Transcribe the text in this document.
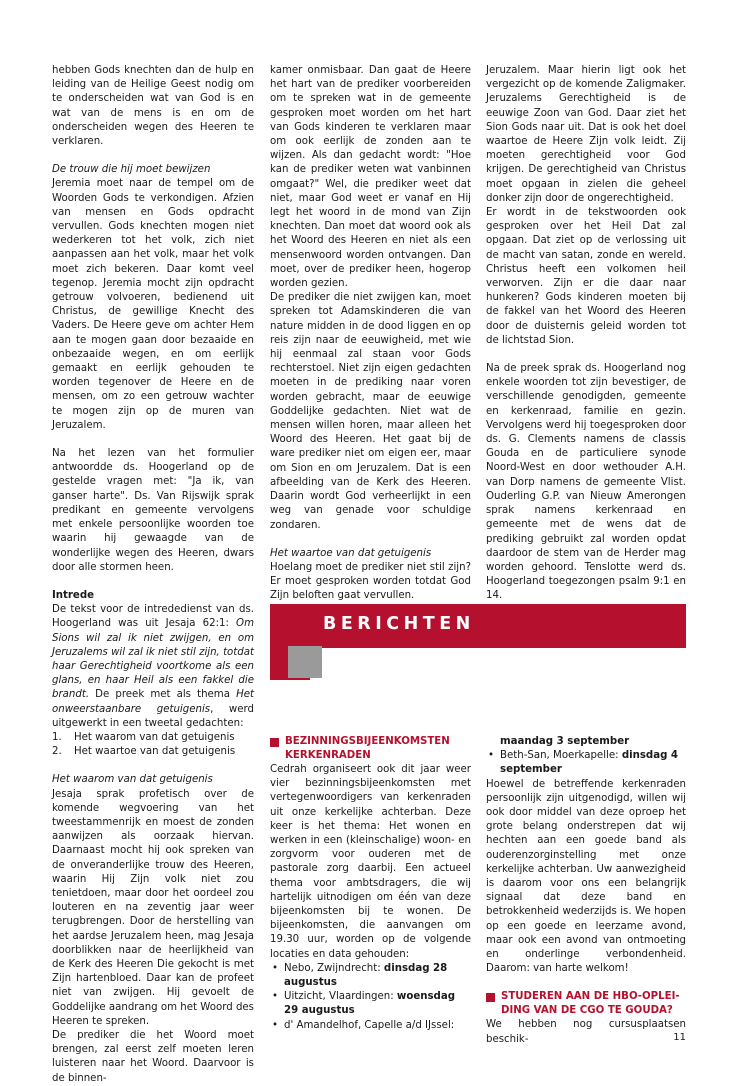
hebben Gods knechten dan de hulp en leiding van de Heilige Geest nodig om te onderscheiden wat van God is en wat van de mens is en om de onderscheiden wegen des Heeren te verklaren.

De trouw die hij moet bewijzen

Jeremia moet naar de tempel om de Woorden Gods te verkondigen. Afzien van mensen en Gods opdracht vervullen. Gods knechten mogen niet wederkeren tot het volk, zich niet aanpassen aan het volk, maar het volk moet zich bekeren. Daar komt veel tegenop. Jeremia mocht zijn opdracht getrouw volvoeren, bedienend uit Christus, de gewillige Knecht des Vaders. De Heere geve om achter Hem aan te mogen gaan door bezaaide en onbezaaide wegen, en om eerlijk gemaakt en eerlijk gehouden te worden tegenover de Heere en de mensen, om zo een getrouw wachter te mogen zijn op de muren van Jeruzalem.

Na het lezen van het formulier antwoordde ds. Hoogerland op de gestelde vragen met: "Ja ik, van ganser harte". Ds. Van Rijswijk sprak predikant en gemeente vervolgens met enkele persoonlijke woorden toe waarin hij gewaagde van de wonderlijke wegen des Heeren, dwars door alle stormen heen.

Intrede

De tekst voor de intrededienst van ds. Hoogerland was uit Jesaja 62:1: Om Sions wil zal ik niet zwijgen, en om Jeruzalems wil zal ik niet stil zijn, totdat haar Gerechtigheid voortkome als een glans, en haar Heil als een fakkel die brandt. De preek met als thema Het onweerstaanbare getuigenis, werd uitgewerkt in een tweetal gedachten:

1. Het waarom van dat getuigenis
2. Het waartoe van dat getuigenis

Het waarom van dat getuigenis

Jesaja sprak profetisch over de komende wegvoering van het tweestammenrijk en moest de zonden aanwijzen als oorzaak hiervan. Daarnaast mocht hij ook spreken van de onveranderlijke trouw des Heeren, waarin Hij Zijn volk niet zou tenietdoen, maar door het oordeel zou louteren en na zeventig jaar weer terugbrengen. Door de herstelling van het aardse Jeruzalem heen, mag Jesaja doorblikken naar de heerlijkheid van de Kerk des Heeren Die gekocht is met Zijn hartenbloed. Daar kan de profeet niet van zwijgen. Hij gevoelt de Goddelijke aandrang om het Woord des Heeren te spreken.

De prediker die het Woord moet brengen, zal eerst zelf moeten leren luisteren naar het Woord. Daarvoor is de binnen-

kamer onmisbaar. Dan gaat de Heere het hart van de prediker voorbereiden om te spreken wat in de gemeente gesproken moet worden om het hart van Gods kinderen te verklaren maar om ook eerlijk de zonden aan te wijzen. Als dan gedacht wordt: "Hoe kan de prediker weten wat vanbinnen omgaat?" Wel, die prediker weet dat niet, maar God weet er vanaf en Hij legt het woord in de mond van Zijn knechten. Dan moet dat woord ook als het Woord des Heeren en niet als een mensenwoord worden ontvangen. Dan moet, over de prediker heen, hogerop worden gezien.

De prediker die niet zwijgen kan, moet spreken tot Adamskinderen die van nature midden in de dood liggen en op reis zijn naar de eeuwigheid, met wie hij eenmaal zal staan voor Gods rechterstoel. Niet zijn eigen gedachten moeten in de prediking naar voren worden gebracht, maar de eeuwige Goddelijke gedachten. Niet wat de mensen willen horen, maar alleen het Woord des Heeren. Het gaat bij de ware prediker niet om eigen eer, maar om Sion en om Jeruzalem. Dat is een afbeelding van de Kerk des Heeren. Daarin wordt God verheerlijkt in een weg van genade voor schuldige zondaren.

Het waartoe van dat getuigenis

Hoelang moet de prediker niet stil zijn? Er moet gesproken worden totdat God Zijn beloften gaat vervullen.

Jeruzalem. Maar hierin ligt ook het vergezicht op de komende Zaligmaker. Jeruzalems Gerechtigheid is de eeuwige Zoon van God. Daar ziet het Sion Gods naar uit. Dat is ook het doel waartoe de Heere Zijn volk leidt. Zij moeten gerechtigheid voor God krijgen. De gerechtigheid van Christus moet opgaan in zielen die geheel donker zijn door de ongerechtigheid.

Er wordt in de tekstwoorden ook gesproken over het Heil Dat zal opgaan. Dat ziet op de verlossing uit de macht van satan, zonde en wereld. Christus heeft een volkomen heil verworven. Zijn er die daar naar hunkeren? Gods kinderen moeten bij de fakkel van het Woord des Heeren door de duisternis geleid worden tot de lichtstad Sion.

Na de preek sprak ds. Hoogerland nog enkele woorden tot zijn bevestiger, de verschillende genodigden, gemeente en kerkenraad, familie en gezin. Vervolgens werd hij toegesproken door ds. G. Clements namens de classis Gouda en de particuliere synode Noord-West en door wethouder A.H. van Dorp namens de gemeente Vlist. Ouderling G.P. van Nieuw Amerongen sprak namens kerkenraad en gemeente met de wens dat de prediking gebruikt zal worden opdat daardoor de stem van de Herder mag worden gehoord. Tenslotte werd ds. Hoogerland toegezongen psalm 9:1 en 14.

BERICHTEN
BEZINNINGSBIJEENKOMSTEN
KERKENRADEN

Cedrah organiseert ook dit jaar weer vier bezinningsbijeenkomsten met vertegenwoordigers van kerkenraden uit onze kerkelijke achterban. Deze keer is het thema: Het wonen en werken in een (kleinschalige) woon- en zorgvorm voor ouderen met de pastorale zorg daarbij. Een actueel thema voor ambtsdragers, die wij hartelijk uitnodigen om één van deze bijeenkomsten bij te wonen. De bijeenkomsten, die aanvangen om 19.30 uur, worden op de volgende locaties en data gehouden:

• Nebo, Zwijndrecht: dinsdag 28 augustus
• Uitzicht, Vlaardingen: woensdag 29 augustus
• d' Amandelhof, Capelle a/d IJssel:
maandag 3 september
• Beth-San, Moerkapelle: dinsdag 4 september

Hoewel de betreffende kerkenraden persoonlijk zijn uitgenodigd, willen wij ook door middel van deze oproep het grote belang onderstrepen dat wij hechten aan een goede band als ouderenzorginstelling met onze kerkelijke achterban. Uw aanwezigheid is daarom voor ons een belangrijk signaal dat deze band en betrokkenheid wederzijds is. We hopen op een goede en leerzame avond, maar ook een avond van ontmoeting en onderlinge verbondenheid. Daarom: van harte welkom!

STUDEREN AAN DE HBO-OPLEI-
DING VAN DE CGO TE GOUDA?

We hebben nog cursusplaatsen beschik-	11
